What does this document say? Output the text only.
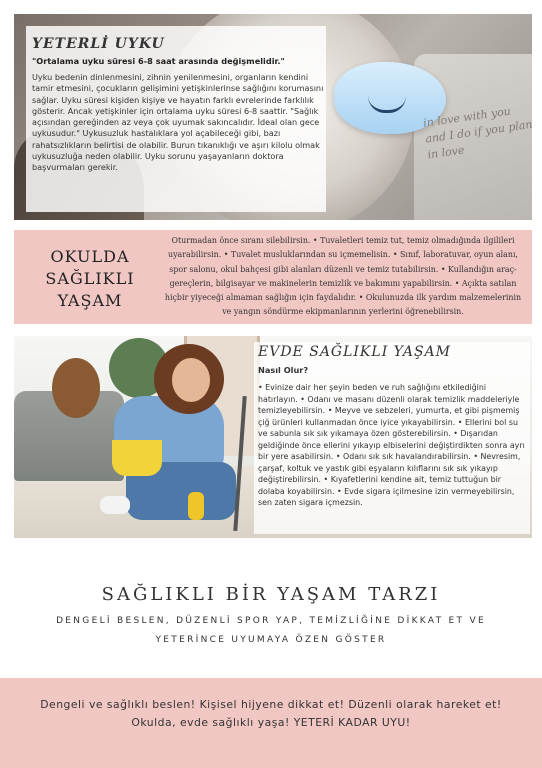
in love with you and I do if you plan in love
YETERLİ UYKU

"Ortalama uyku süresi 6-8 saat arasında değişmelidir."

Uyku bedenin dinlenmesini, zihnin yenilenmesini, organların kendini tamir etmesini, çocukların gelişimini yetişkinlerinse sağlığını korumasını sağlar. Uyku süresi kişiden kişiye ve hayatın farklı evrelerinde farklılık gösterir. Ancak yetişkinler için ortalama uyku süresi 6-8 saattir. "Sağlık açısından gereğinden az veya çok uyumak sakıncalıdır. İdeal olan gece uykusudur." Uykusuzluk hastalıklara yol açabileceği gibi, bazı rahatsızlıkların belirtisi de olabilir. Burun tıkanıklığı ve aşırı kilolu olmak uykusuzluğa neden olabilir. Uyku sorunu yaşayanların doktora başvurmaları gerekir.

OKULDA SAĞLIKLI YAŞAM
Oturmadan önce sıranı silebilirsin. • Tuvaletleri temiz tut, temiz olmadığında ilgilileri uyarabilirsin. • Tuvalet musluklarından su içmemelisin. • Sınıf, laboratuvar, oyun alanı, spor salonu, okul bahçesi gibi alanları düzenli ve temiz tutabilirsin. • Kullandığın araç-gereçlerin, bilgisayar ve makinelerin temizlik ve bakımını yapabilirsin. • Açıkta satılan hiçbir yiyeceği almaman sağlığın için faydalıdır. • Okulunuzda ilk yardım malzemelerinin ve yangın söndürme ekipmanlarının yerlerini öğrenebilirsin.
EVDE SAĞLIKLI YAŞAM
Nasıl Olur?
• Evinize dair her şeyin beden ve ruh sağlığını etkilediğini hatırlayın. • Odanı ve masanı düzenli olarak temizlik maddeleriyle temizleyebilirsin. • Meyve ve sebzeleri, yumurta, et gibi pişmemiş çiğ ürünleri kullanmadan önce iyice yıkayabilirsin. • Ellerini bol su ve sabunla sık sık yıkamaya özen gösterebilirsin. • Dışarıdan geldiğinde önce ellerini yıkayıp elbiselerini değiştirdikten sonra ayrı bir yere asabilirsin. • Odanı sık sık havalandırabilirsin. • Nevresim, çarşaf, koltuk ve yastık gibi eşyaların kılıflarını sık sık yıkayıp değiştirebilirsin. • Kıyafetlerini kendine ait, temiz tuttuğun bir dolaba koyabilirsin. • Evde sigara içilmesine izin vermeyebilirsin, sen zaten sigara içmezsin.
SAĞLIKLI BİR YAŞAM TARZI
DENGELİ BESLEN, DÜZENLİ SPOR YAP, TEMİZLİĞİNE DİKKAT ET VE YETERİNCE UYUMAYA ÖZEN GÖSTER
Dengeli ve sağlıklı beslen! Kişisel hijyene dikkat et! Düzenli olarak hareket et! Okulda, evde sağlıklı yaşa! YETERİ KADAR UYU!
